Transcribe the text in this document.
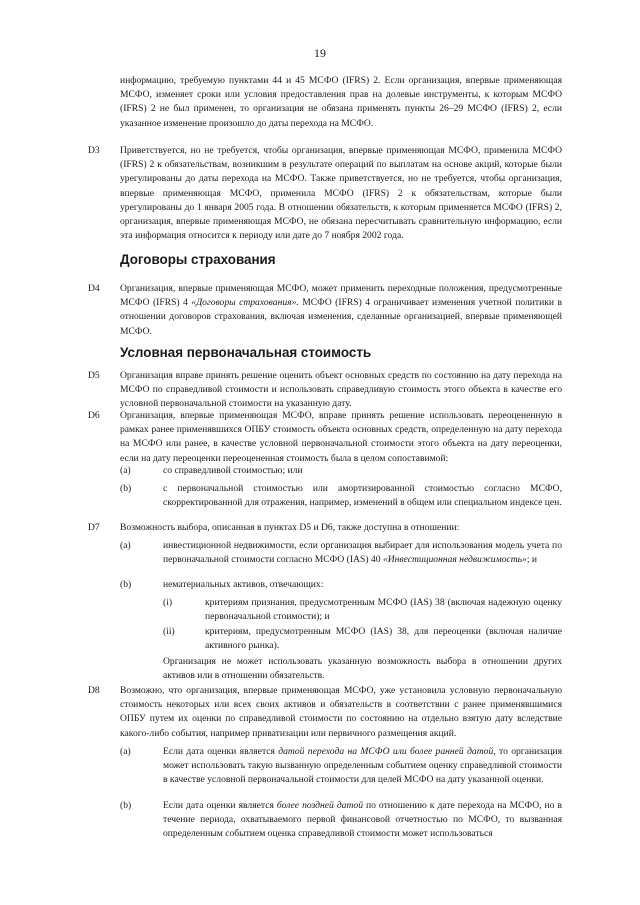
19

информацию, требуемую пунктами 44 и 45 МСФО (IFRS) 2. Если организация, впервые применяющая МСФО, изменяет сроки или условия предоставления прав на долевые инструменты, к которым МСФО (IFRS) 2 не был применен, то организация не обязана применять пункты 26–29 МСФО (IFRS) 2, если указанное изменение произошло до даты перехода на МСФО.

D3 Приветствуется, но не требуется, чтобы организация, впервые применяющая МСФО, применила МСФО (IFRS) 2 к обязательствам, возникшим в результате операций по выплатам на основе акций, которые были урегулированы до даты перехода на МСФО. Также приветствуется, но не требуется, чтобы организация, впервые применяющая МСФО, применила МСФО (IFRS) 2 к обязательствам, которые были урегулированы до 1 января 2005 года. В отношении обязательств, к которым применяется МСФО (IFRS) 2, организация, впервые применяющая МСФО, не обязана пересчитывать сравнительную информацию, если эта информация относится к периоду или дате до 7 ноября 2002 года.

Договоры страхования
D4 Организация, впервые применяющая МСФО, может применить переходные положения, предусмотренные МСФО (IFRS) 4 «Договоры страхования». МСФО (IFRS) 4 ограничивает изменения учетной политики в отношении договоров страхования, включая изменения, сделанные организацией, впервые применяющей МСФО.

Условная первоначальная стоимость
D5 Организация вправе принять решение оценить объект основных средств по состоянию на дату перехода на МСФО по справедливой стоимости и использовать справедливую стоимость этого объекта в качестве его условной первоначальной стоимости на указанную дату.

D6 Организация, впервые применяющая МСФО, вправе принять решение использовать переоцененную в рамках ранее применявшихся ОПБУ стоимость объекта основных средств, определенную на дату перехода на МСФО или ранее, в качестве условной первоначальной стоимости этого объекта на дату переоценки, если на дату переоценки переоцененная стоимость была в целом сопоставимой:

(a)	со справедливой стоимостью; или

(b)	с первоначальной стоимостью или амортизированной стоимостью согласно МСФО, скорректированной для отражения, например, изменений в общем или специальном индексе цен.

D7 Возможность выбора, описанная в пунктах D5 и D6, также доступна в отношении:

(a)	инвестиционной недвижимости, если организация выбирает для использования модель учета по первоначальной стоимости согласно МСФО (IAS) 40 «Инвестиционная недвижимость»; и

(b)	нематериальных активов, отвечающих:

(i)	критериям признания, предусмотренным МСФО (IAS) 38 (включая надежную оценку первоначальной стоимости); и

(ii)	критериям, предусмотренным МСФО (IAS) 38, для переоценки (включая наличие активного рынка).

Организация не может использовать указанную возможность выбора в отношении других активов или в отношении обязательств.

D8 Возможно, что организация, впервые применяющая МСФО, уже установила условную первоначальную стоимость некоторых или всех своих активов и обязательств в соответствии с ранее применявшимися ОПБУ путем их оценки по справедливой стоимости по состоянию на отдельно взятую дату вследствие какого-либо события, например приватизации или первичного размещения акций.

(a)	Если дата оценки является датой перехода на МСФО или более ранней датой, то организация может использовать такую вызванную определенным событием оценку справедливой стоимости в качестве условной первоначальной стоимости для целей МСФО на дату указанной оценки.

(b)	Если дата оценки является более поздней датой по отношению к дате перехода на МСФО, но в течение периода, охватываемого первой финансовой отчетностью по МСФО, то вызванная определенным событием оценка справедливой стоимости может использоваться
